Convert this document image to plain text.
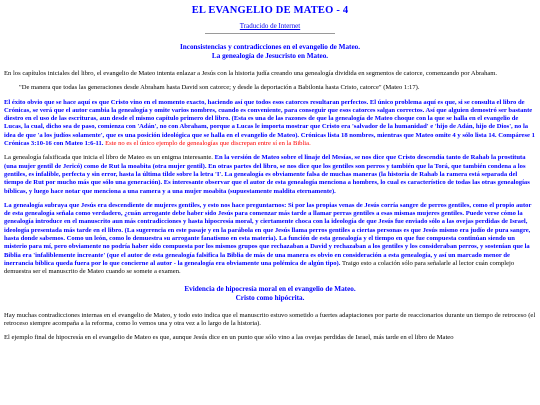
EL EVANGELIO DE MATEO - 4
Traducido de Internet
Inconsistencias y contradicciones en el evangelio de Mateo.
La genealogía de Jesucristo en Mateo.

En los capítulos iniciales del libro, el evangelio de Mateo intenta enlazar a Jesús con la historia judía creando una genealogía dividida en segmentos de catorce, comenzando por Abraham.

"De manera que todas las generaciones desde Abraham hasta David son catorce; y desde la deportación a Babilonia hasta Cristo, catorce" (Mateo 1:17).

El éxito obvio que se hace aquí es que Cristo vino en el momento exacto, haciendo así que todos esos catorces resultaran perfectos. El único problema aquí es que, si se consulta el libro de Crónicas, se verá que el autor cambia la genealogía y omite varios nombres, cuando es conveniente, para conseguir que esos catorces salgan correctos. Así que alguien demostró ser bastante diestro en el uso de las escrituras, aun desde el mismo capítulo primero del libro. (Esta es una de las razones de que la genealogía de Mateo choque con la que se halla en el evangelio de Lucas, la cual, dicho sea de paso, comienza con 'Adán', no con Abraham, porque a Lucas le importa mostrar que Cristo era 'salvador de la humanidad' e 'hijo de Adán, hijo de Dios', no la idea de que 'a los judíos solamente', que es una posición ideológica que se halla en el evangelio de Mateo). Crónicas lista 18 nombres, mientras que Mateo omite 4 y sólo lista 14. Compárese 1 Crónicas 3:10-16 con Mateo 1:6-11. Este no es el único ejemplo de genealogías que discrepan entre sí en la Biblia.

La genealogía falsificada que inicia el libro de Mateo es un enigma interesante. En la versión de Mateo sobre el linaje del Mesías, se nos dice que Cristo descendía tanto de Rahab la prostituta (una mujer gentil de Jericó) como de Rut la moabita (otra mujer gentil). En otras partes del libro, se nos dice que los gentiles son perros y también que la Torá, que también condena a los gentiles, es infalible, perfecta y sin error, hasta la última tilde sobre la letra 'I'. La genealogía es obviamente falsa de muchas maneras (la historia de Rahab la ramera está separada del tiempo de Rut por mucho más que sólo una generación). Es interesante observar que el autor de esta genealogía menciona a hombres, lo cual es característico de todas las otras genealogías bíblicas, y luego hace notar que menciona a una ramera y a una mujer moabita (supuestamente maldita eternamente).

La genealogía subraya que Jesús era descendiente de mujeres gentiles, y esto nos hace preguntarnos: Si por las propias venas de Jesús corría sangre de perros gentiles, como el propio autor de esta genealogía señala como verdadero, ¿cuán arrogante debe haber sido Jesús para comenzar más tarde a llamar perras gentiles a esas mismas mujeres gentiles. Puede verse cómo la genealogía introduce en el manuscrito aun más contradicciones y hasta hipocresía moral, y ciertamente choca con la ideología de que Jesús fue enviado sólo a las ovejas perdidas de Israel, ideología presentada más tarde en el libro. (La sugerencia en este pasaje y en la parábola en que Jesús llama perros gentiles a ciertas personas es que Jesús mismo era judío de pura sangre, hasta donde sabemos. Como un león, como lo demuestra su arrogante fanatismo en esta materia). La función de esta genealogía y el tiempo en que fue compuesta continúan siendo un misterio para mí, pero obviamente no podría haber sido compuesta por los mismos grupos que rechazaban a David y rechazaban a los gentiles y los consideraban perros, y sostenían que la Biblia era 'infaliblemente increante' (que el autor de esta genealogía falsifica la Biblia de más de una manera es obvio en consideración a esta genealogía, y así un marcado menor de inerrancia bíblica queda fuera por lo que concierne al autor - la genealogía era obviamente una polémica de algún tipo). Traigo esto a colación sólo para señalarle al lector cuán complejo demuestra ser el manuscrito de Mateo cuando se somete a examen.

Evidencia de hipocresía moral en el evangelio de Mateo.
Cristo como hipócrita.

Hay muchas contradicciones internas en el evangelio de Mateo, y todo esto indica que el manuscrito estuvo sometido a fuertes adaptaciones por parte de reaccionarios durante un tiempo de retroceso (el retroceso siempre acompaña a la reforma, como lo vemos una y otra vez a lo largo de la historia).

El ejemplo final de hipocresía en el evangelio de Mateo es que, aunque Jesús dice en un punto que sólo vino a las ovejas perdidas de Israel, más tarde en el libro de Mateo
